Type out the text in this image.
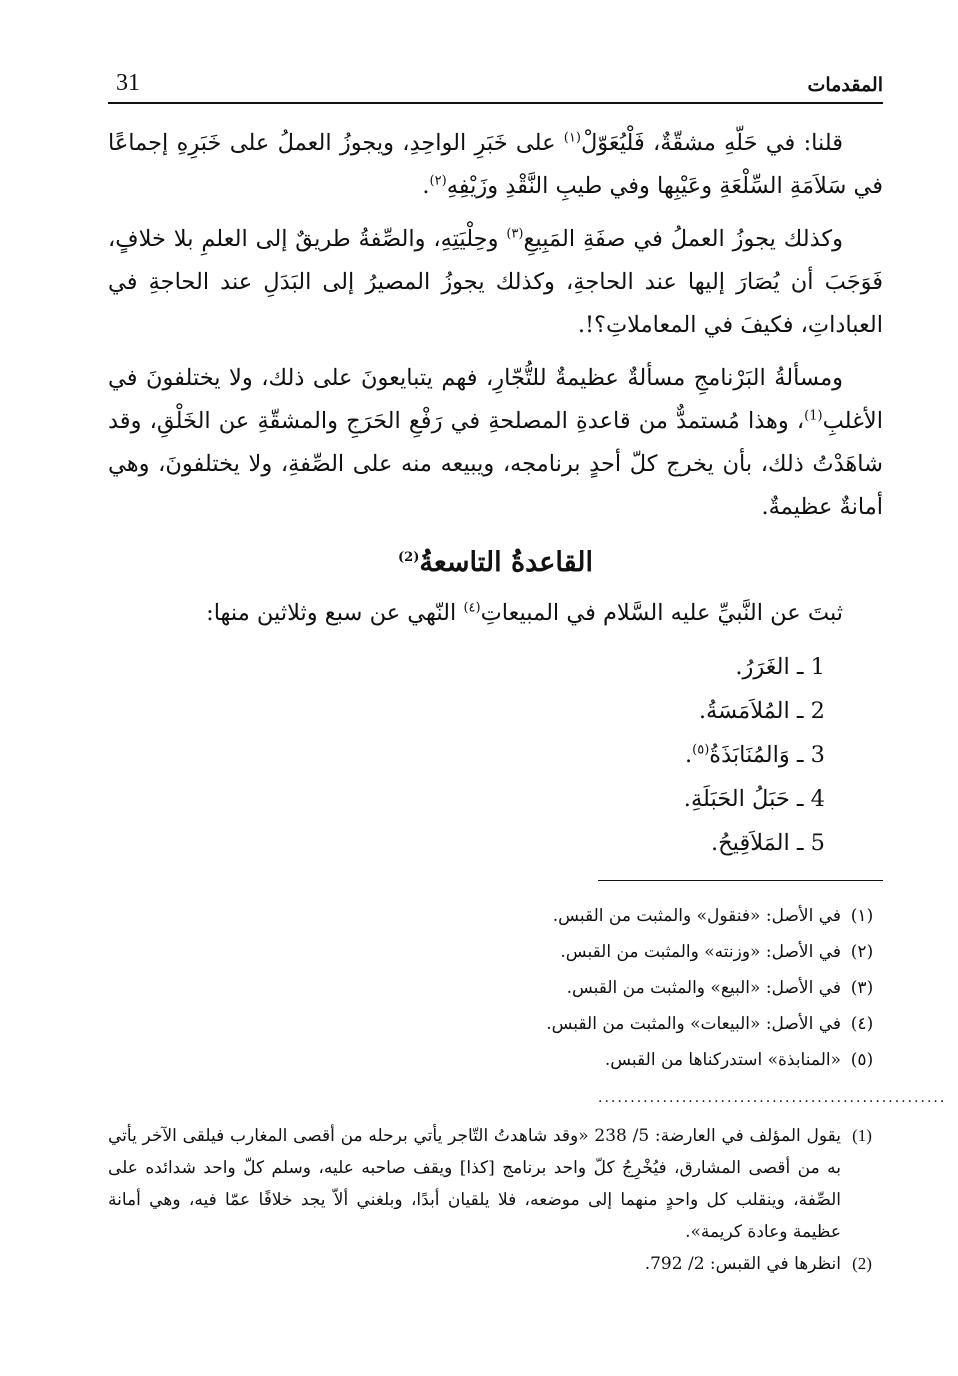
المقدمات
31

قلنا: في حَلّهِ مشقّةٌ، فَلْيُعَوّلْ$^{(١)}$ على خَبَرِ الواحِدِ، ويجوزُ العملُ على خَبَرِهِ إجماعًا في سَلاَمَةِ السِّلْعَةِ وعَيْبِها وفي طيبِ النَّقْدِ وزَيْفِهِ$^{(٢)}$.

وكذلك يجوزُ العملُ في صفَةِ المَبِيعِ$^{(٣)}$ وحِلْيَتِهِ، والصِّفةُ طريقٌ إلى العلمِ بلا خلافٍ، فَوَجَبَ أن يُصَارَ إليها عند الحاجةِ، وكذلك يجوزُ المصيرُ إلى البَدَلِ عند الحاجةِ في العباداتِ، فكيفَ في المعاملاتِ؟!.

ومسألةُ البَرْنامجِ مسألةٌ عظيمةٌ للتُّجّارِ، فهم يتبايعونَ على ذلك، ولا يختلفونَ في الأغلبِ$^{(1)}$، وهذا مُستمدٌّ من قاعدةِ المصلحةِ في رَفْعِ الحَرَجِ والمشقّةِ عن الخَلْقِ، وقد شاهَدْتُ ذلك، بأن يخرج كلّ أحدٍ برنامجه، ويبيعه منه على الصِّفةِ، ولا يختلفونَ، وهي أمانةٌ عظيمةٌ.

القاعدةُ التاسعةُ$^{(2)}$

ثبتَ عن النَّبيِّ عليه السَّلام في المبيعاتِ$^{(٤)}$ النّهي عن سبع وثلاثين منها:

1 ـ الغَرَرُ.
2 ـ المُلاَمَسَةُ.
3 ـ وَالمُنَابَذَةُ$^{(٥)}$.
4 ـ حَبَلُ الحَبَلَةِ.
5 ـ المَلاَقِيحُ.
(١)
في الأصل: «فنقول» والمثبت من القبس.
(٢)
في الأصل: «وزنته» والمثبت من القبس.
(٣)
في الأصل: «البيع» والمثبت من القبس.
(٤)
في الأصل: «البيعات» والمثبت من القبس.
(٥)
«المنابذة» استدركناها من القبس.
......................................................
(1)
يقول المؤلف في العارضة: 5/ 238 «وقد شاهدتُ التّاجر يأتي برحله من أقصى المغارب فيلقى الآخر يأتي به من أقصى المشارق، فيُخْرِجُ كلّ واحد برنامج [كذا] ويقف صاحبه عليه، وسلم كلّ واحد شدائده على الصِّفة، وينقلب كل واحدٍ منهما إلى موضعه، فلا يلقيان أبدًا، وبلغني ألاّ يجد خلافًا عمّا فيه، وهي أمانة عظيمة وعادة كريمة».
(2)
انظرها في القبس: 2/ 792.
